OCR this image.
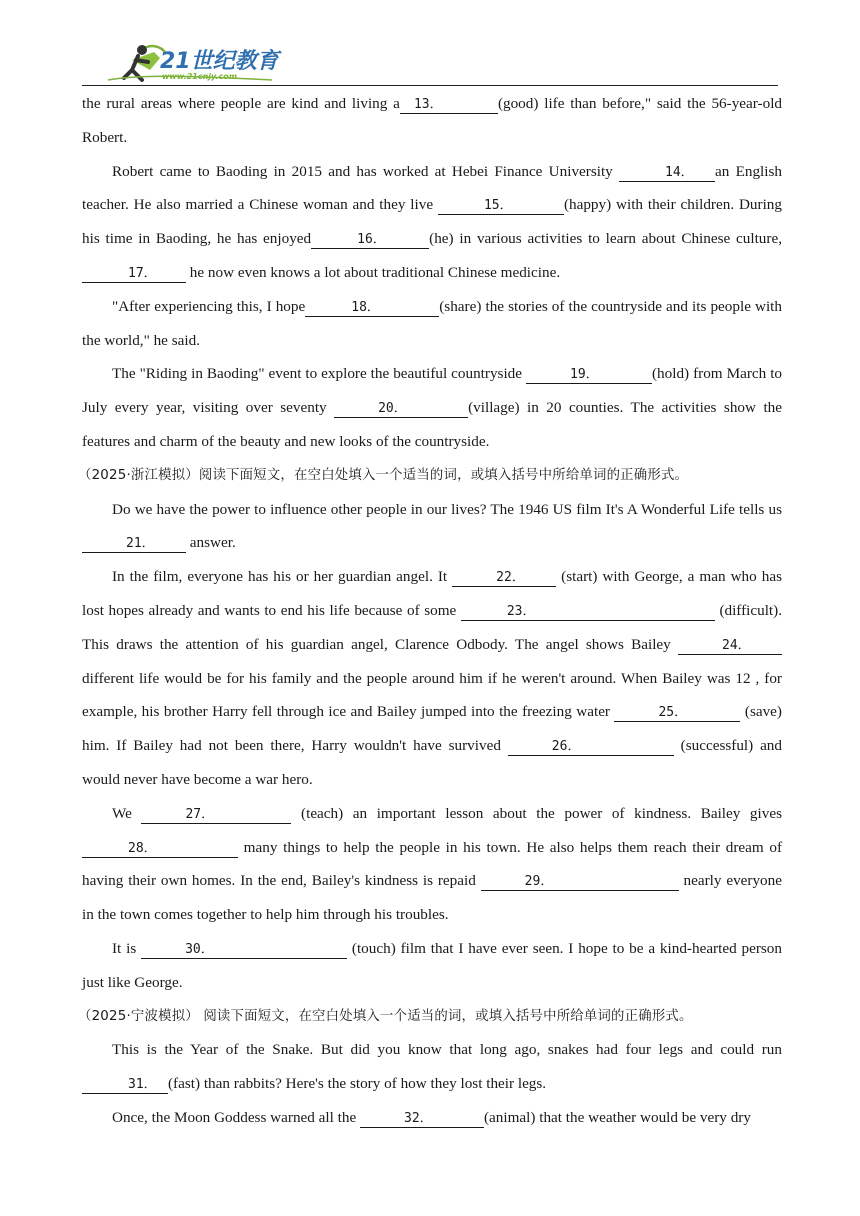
21世纪教育
www.21cnjy.com

the rural areas where people are kind and living a 13．	(good) life than before," said the 56-year-old Robert.

Robert came to Baoding in 2015 and has worked at Hebei Finance University	14． an English teacher. He also married a Chinese woman and they live	15．	(happy) with their children. During his time in Baoding, he has enjoyed	16．	(he) in various activities to learn about Chinese culture,17． he now even knows a lot about traditional Chinese medicine.

"After experiencing this, I hope	18．	(share) the stories of the countryside and its people with the world," he said.

The "Riding in Baoding" event to explore the beautiful countryside	19．	(hold) from March to July every year, visiting over seventy	20．	(village) in 20 counties. The activities show the features and charm of the beauty and new looks of the countryside.

（2025·浙江模拟）阅读下面短文，在空白处填入一个适当的词，或填入括号中所给单词的正确形式。

Do we have the power to influence other people in our lives? The 1946 US film It's A Wonderful Life tells us 21． answer.

In the film, everyone has his or her guardian angel. It	22． (start) with George, a man who has lost hopes already and wants to end his life because of some	23．	(difficult). This draws the attention of his guardian angel, Clarence Odbody. The angel shows Bailey	24． different life would be for his family and the people around him if he weren't around. When Bailey was 12 , for example, his brother Harry fell through ice and Bailey jumped into the freezing water	25．	(save) him. If Bailey had not been there, Harry wouldn't have survived	26．	(successful) and would never have become a war hero.

We	27．	(teach) an important lesson about the power of kindness. Bailey gives 28．	many things to help the people in his town. He also helps them reach their dream of having their own homes. In the end, Bailey's kindness is repaid	29．	nearly everyone in the town comes together to help him through his troubles.

It is	30．	(touch) film that I have ever seen. I hope to be a kind-hearted person just like George.

（2025·宁波模拟） 阅读下面短文，在空白处填入一个适当的词，或填入括号中所给单词的正确形式。

This is the Year of the Snake. But did you know that long ago, snakes had four legs and could run 31． (fast) than rabbits? Here's the story of how they lost their legs.

Once, the Moon Goddess warned all the	32．	(animal) that the weather would be very dry
